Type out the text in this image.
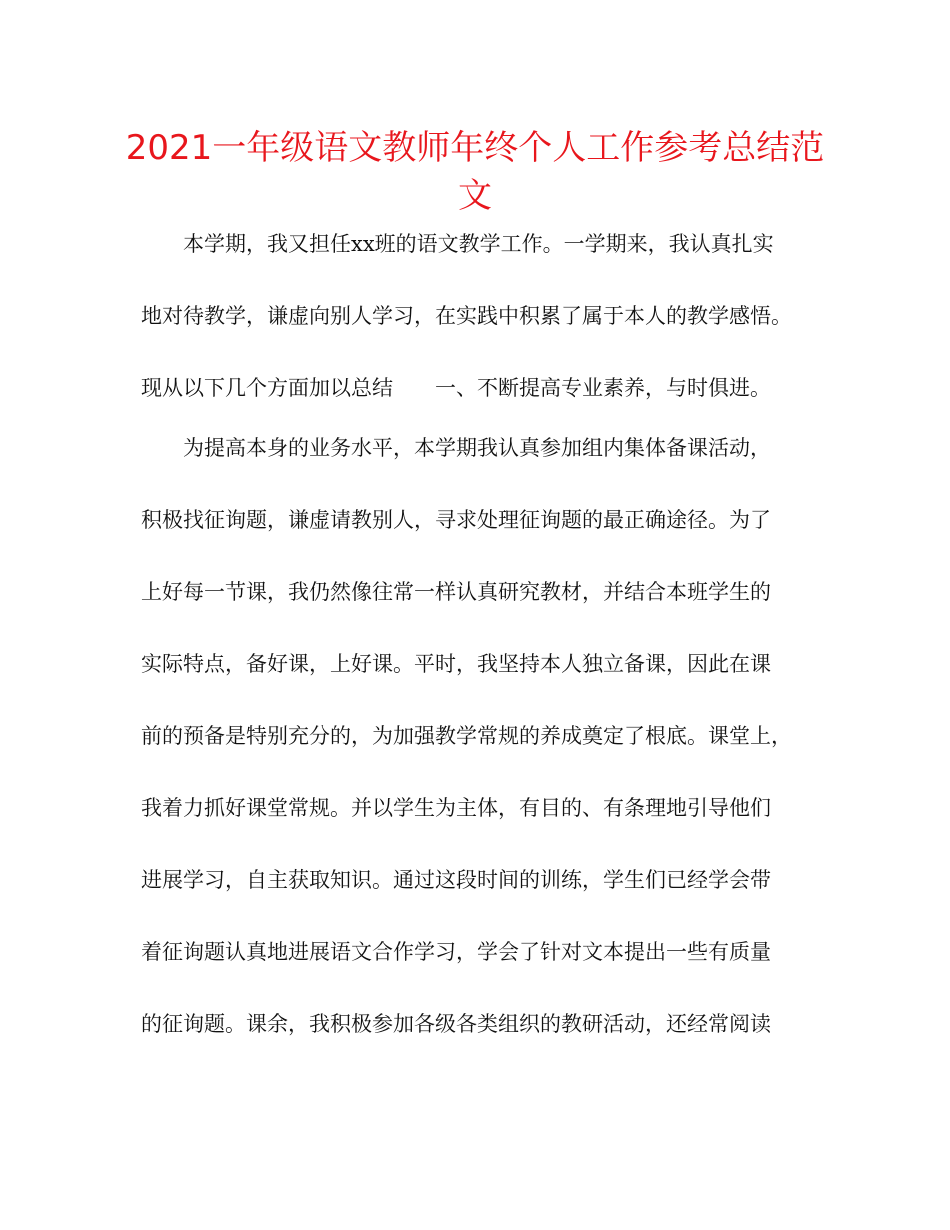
2021一年级语文教师年终个人工作参考总结范文

本学期，我又担任xx班的语文教学工作。一学期来，我认真扎实

地对待教学，谦虚向别人学习，在实践中积累了属于本人的教学感悟。

现从以下几个方面加以总结　　一、不断提高专业素养，与时俱进。

为提高本身的业务水平，本学期我认真参加组内集体备课活动，

积极找征询题，谦虚请教别人，寻求处理征询题的最正确途径。为了

上好每一节课，我仍然像往常一样认真研究教材，并结合本班学生的

实际特点，备好课，上好课。平时，我坚持本人独立备课，因此在课

前的预备是特别充分的，为加强教学常规的养成奠定了根底。课堂上，

我着力抓好课堂常规。并以学生为主体，有目的、有条理地引导他们

进展学习，自主获取知识。通过这段时间的训练，学生们已经学会带

着征询题认真地进展语文合作学习，学会了针对文本提出一些有质量

的征询题。课余，我积极参加各级各类组织的教研活动，还经常阅读
